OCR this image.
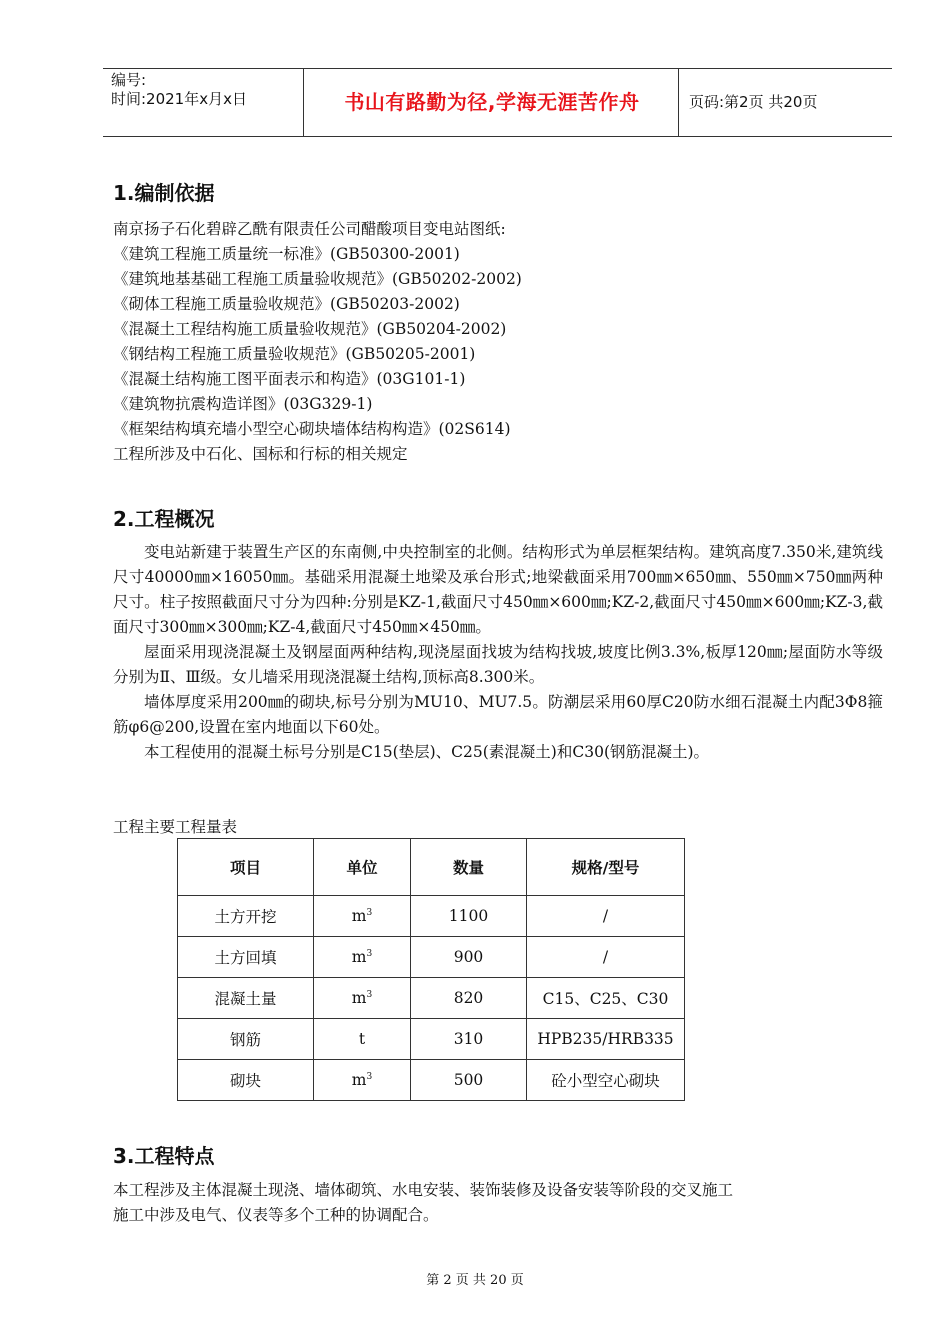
编号:
时间:2021年x月x日	书山有路勤为径,学海无涯苦作舟	页码:第2页 共20页
1.编制依据
南京扬子石化碧辟乙酰有限责任公司醋酸项目变电站图纸:
《建筑工程施工质量统一标准》(GB50300-2001)
《建筑地基基础工程施工质量验收规范》(GB50202-2002)
《砌体工程施工质量验收规范》(GB50203-2002)
《混凝土工程结构施工质量验收规范》(GB50204-2002)
《钢结构工程施工质量验收规范》(GB50205-2001)
《混凝土结构施工图平面表示和构造》(03G101-1)
《建筑物抗震构造详图》(03G329-1)
《框架结构填充墙小型空心砌块墙体结构构造》(02S614)
工程所涉及中石化、国标和行标的相关规定
2.工程概况

变电站新建于装置生产区的东南侧,中央控制室的北侧。结构形式为单层框架结构。建筑高度7.350米,建筑线尺寸40000㎜×16050㎜。基础采用混凝土地梁及承台形式;地梁截面采用700㎜×650㎜、550㎜×750㎜两种尺寸。柱子按照截面尺寸分为四种:分别是KZ-1,截面尺寸450㎜×600㎜;KZ-2,截面尺寸450㎜×600㎜;KZ-3,截面尺寸300㎜×300㎜;KZ-4,截面尺寸450㎜×450㎜。

屋面采用现浇混凝土及钢屋面两种结构,现浇屋面找坡为结构找坡,坡度比例3.3%,板厚120㎜;屋面防水等级分别为Ⅱ、Ⅲ级。女儿墙采用现浇混凝土结构,顶标高8.300米。

墙体厚度采用200㎜的砌块,标号分别为MU10、MU7.5。防潮层采用60厚C20防水细石混凝土内配3Φ8箍筋φ6@200,设置在室内地面以下60处。

本工程使用的混凝土标号分别是C15(垫层)、C25(素混凝土)和C30(钢筋混凝土)。

工程主要工程量表
项目	单位	数量	规格/型号
土方开挖	$m^3$	1100	/
土方回填	$m^3$	900	/
混凝土量	$m^3$	820	C15、C25、C30
钢筋	t	310	HPB235/HRB335
砌块	$m^3$	500	砼小型空心砌块
3.工程特点
本工程涉及主体混凝土现浇、墙体砌筑、水电安装、装饰装修及设备安装等阶段的交叉施工
施工中涉及电气、仪表等多个工种的协调配合。
第 2 页 共 20 页
